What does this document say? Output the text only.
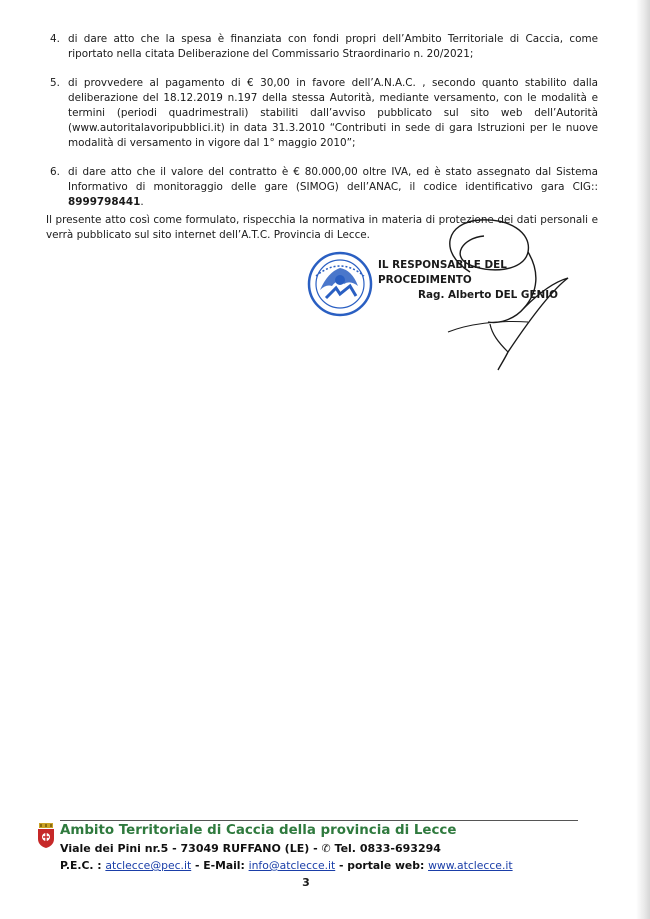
4. di dare atto che la spesa è finanziata con fondi propri dell’Ambito Territoriale di Caccia, come riportato nella citata Deliberazione del Commissario Straordinario n. 20/2021;
5. di provvedere al pagamento di € 30,00 in favore dell’A.N.A.C. , secondo quanto stabilito dalla deliberazione del 18.12.2019 n.197 della stessa Autorità, mediante versamento, con le modalità e termini (periodi quadrimestrali) stabiliti dall’avviso pubblicato sul sito web dell’Autorità (www.autoritalavoripubblici.it) in data 31.3.2010 “Contributi in sede di gara Istruzioni per le nuove modalità di versamento in vigore dal 1° maggio 2010”;
6. di dare atto che il valore del contratto è € 80.000,00 oltre IVA, ed è stato assegnato dal Sistema Informativo di monitoraggio delle gare (SIMOG) dell’ANAC, il codice identificativo gara CIG:: 8999798441.
Il presente atto così come formulato, rispecchia la normativa in materia di protezione dei dati personali e verrà pubblicato sul sito internet dell’A.T.C. Provincia di Lecce.
IL RESPONSABILE DEL PROCEDIMENTO
Rag. Alberto DEL GENIO
Ambito Territoriale di Caccia della provincia di Lecce
Viale dei Pini nr.5 - 73049 RUFFANO (LE) - ✆ Tel. 0833-693294
P.E.C. : atclecce@pec.it - E-Mail: info@atclecce.it - portale web: www.atclecce.it
3
